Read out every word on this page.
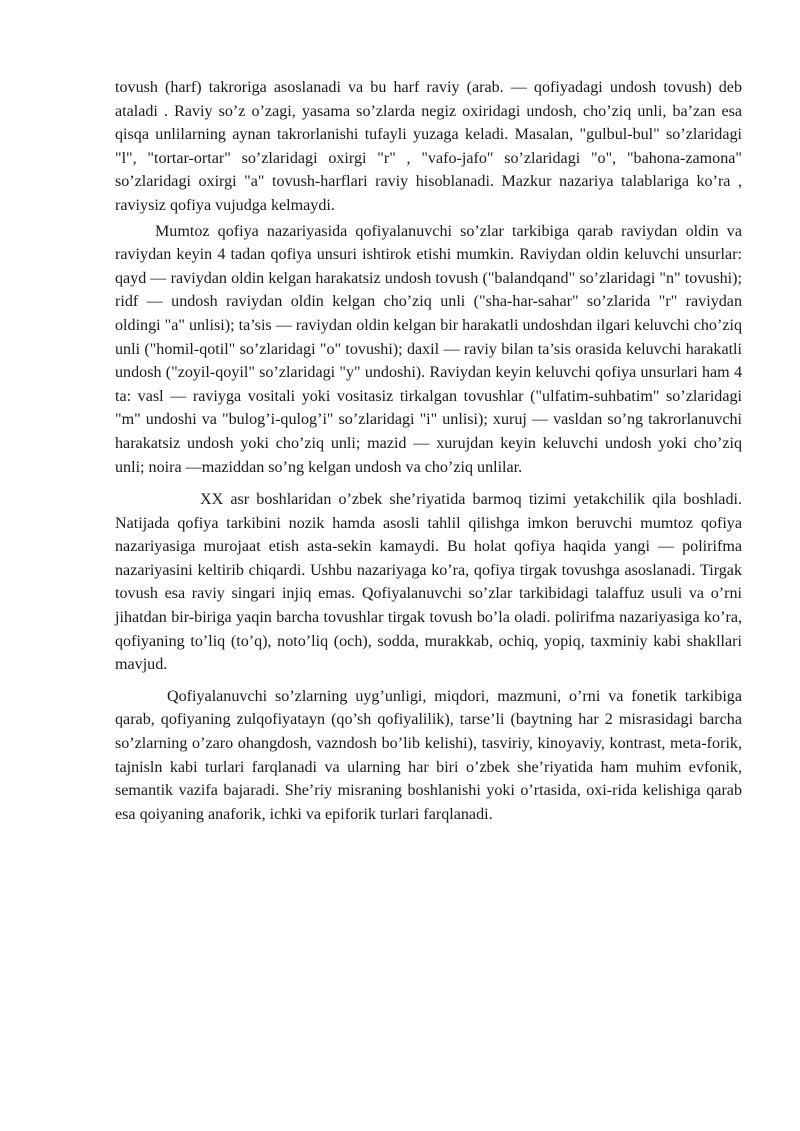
tovush (harf) takroriga asoslanadi va bu harf raviy (arab. — qofiyadagi undosh tovush) deb ataladi . Raviy so’z o’zagi, yasama so’zlarda negiz oxiridagi undosh, cho’ziq unli, ba’zan esa qisqa unlilarning aynan takrorlanishi tufayli yuzaga keladi. Masalan, "gulbul-bul" so’zlaridagi "l", "tortar-ortar" so’zlaridagi oxirgi "r" , "vafo-jafo" so’zlaridagi "o", "bahona-zamona" so’zlaridagi oxirgi "a" tovush-harflari raviy hisoblanadi. Mazkur nazariya talablariga ko’ra , raviysiz qofiya vujudga kelmaydi.

Mumtoz qofiya nazariyasida qofiyalanuvchi so’zlar tarkibiga qarab raviydan oldin va raviydan keyin 4 tadan qofiya unsuri ishtirok etishi mumkin. Raviydan oldin keluvchi unsurlar: qayd — raviydan oldin kelgan harakatsiz undosh tovush ("balandqand" so’zlaridagi "n" tovushi); ridf — undosh raviydan oldin kelgan cho’ziq unli ("sha-har-sahar" so’zlarida "r" raviydan oldingi "a" unlisi); ta’sis — raviydan oldin kelgan bir harakatli undoshdan ilgari keluvchi cho’ziq unli ("homil-qotil" so’zlaridagi "o" tovushi); daxil — raviy bilan ta’sis orasida keluvchi harakatli undosh ("zoyil-qoyil" so’zlaridagi "y" undoshi). Raviydan keyin keluvchi qofiya unsurlari ham 4 ta: vasl — raviyga vositali yoki vositasiz tirkalgan tovushlar ("ulfatim-suhbatim" so’zlaridagi "m" undoshi va "bulog’i-qulog’i" so’zlaridagi "i" unlisi); xuruj — vasldan so’ng takrorlanuvchi harakatsiz undosh yoki cho’ziq unli; mazid — xurujdan keyin keluvchi undosh yoki cho’ziq unli; noira —maziddan so’ng kelgan undosh va cho’ziq unlilar.

XX asr boshlaridan o’zbek she’riyatida barmoq tizimi yetakchilik qila boshladi. Natijada qofiya tarkibini nozik hamda asosli tahlil qilishga imkon beruvchi mumtoz qofiya nazariyasiga murojaat etish asta-sekin kamaydi. Bu holat qofiya haqida yangi — polirifma nazariyasini keltirib chiqardi. Ushbu nazariyaga ko’ra, qofiya tirgak tovushga asoslanadi. Tirgak tovush esa raviy singari injiq emas. Qofiyalanuvchi so’zlar tarkibidagi talaffuz usuli va o’rni jihatdan bir-biriga yaqin barcha tovushlar tirgak tovush bo’la oladi. polirifma nazariyasiga ko’ra, qofiyaning to’liq (to’q), noto’liq (och), sodda, murakkab, ochiq, yopiq, taxminiy kabi shakllari mavjud.

Qofiyalanuvchi so’zlarning uyg’unligi, miqdori, mazmuni, o’rni va fonetik tarkibiga qarab, qofiyaning zulqofiyatayn (qo’sh qofiyalilik), tarse’li (baytning har 2 misrasidagi barcha so’zlarning o’zaro ohangdosh, vazndosh bo’lib kelishi), tasviriy, kinoyaviy, kontrast, meta-forik, tajnisln kabi turlari farqlanadi va ularning har biri o’zbek she’riyatida ham muhim evfonik, semantik vazifa bajaradi. She’riy misraning boshlanishi yoki o’rtasida, oxi-rida kelishiga qarab esa qoiyaning anaforik, ichki va epiforik turlari farqlanadi.
